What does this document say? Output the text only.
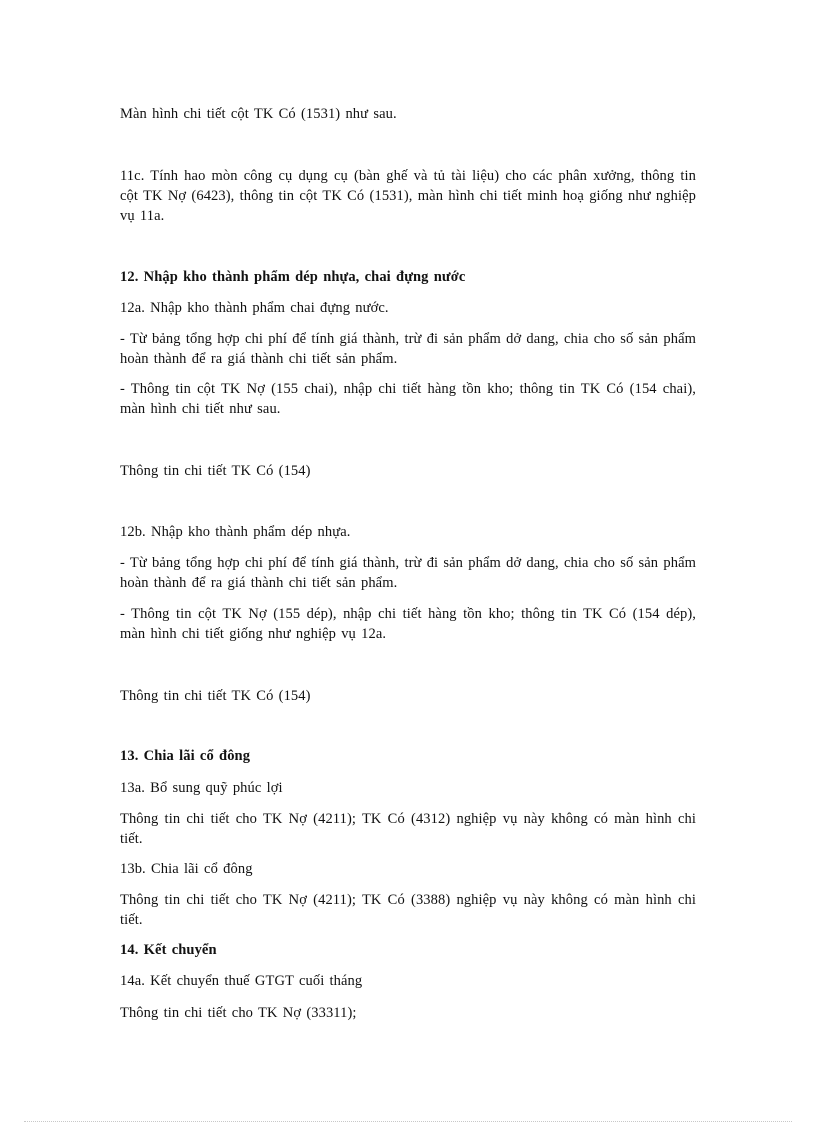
Màn hình chi tiết cột TK Có (1531) như sau.

11c. Tính hao mòn công cụ dụng cụ (bàn ghế và tủ tài liệu) cho các phân xưởng, thông tin cột TK Nợ (6423), thông tin cột TK Có (1531), màn hình chi tiết minh hoạ giống như nghiệp vụ 11a.

12. Nhập kho thành phẩm dép nhựa, chai đựng nước

12a. Nhập kho thành phẩm chai đựng nước.

- Từ bảng tổng hợp chi phí để tính giá thành, trừ đi sản phẩm dở dang, chia cho số sản phẩm hoàn thành để ra giá thành chi tiết sản phẩm.

- Thông tin cột TK Nợ (155 chai), nhập chi tiết hàng tồn kho; thông tin TK Có (154 chai), màn hình chi tiết như sau.

Thông tin chi tiết TK Có (154)

12b. Nhập kho thành phẩm dép nhựa.

- Từ bảng tổng hợp chi phí để tính giá thành, trừ đi sản phẩm dở dang, chia cho số sản phẩm hoàn thành để ra giá thành chi tiết sản phẩm.

- Thông tin cột TK Nợ (155 dép), nhập chi tiết hàng tồn kho; thông tin TK Có (154 dép), màn hình chi tiết giống như nghiệp vụ 12a.

Thông tin chi tiết TK Có (154)

13. Chia lãi cổ đông

13a. Bổ sung quỹ phúc lợi

Thông tin chi tiết cho TK Nợ (4211); TK Có (4312) nghiệp vụ này không có màn hình chi tiết.

13b. Chia lãi cổ đông

Thông tin chi tiết cho TK Nợ (4211); TK Có (3388) nghiệp vụ này không có màn hình chi tiết.

14. Kết chuyển

14a. Kết chuyển thuế GTGT cuối tháng

Thông tin chi tiết cho TK Nợ (33311);
